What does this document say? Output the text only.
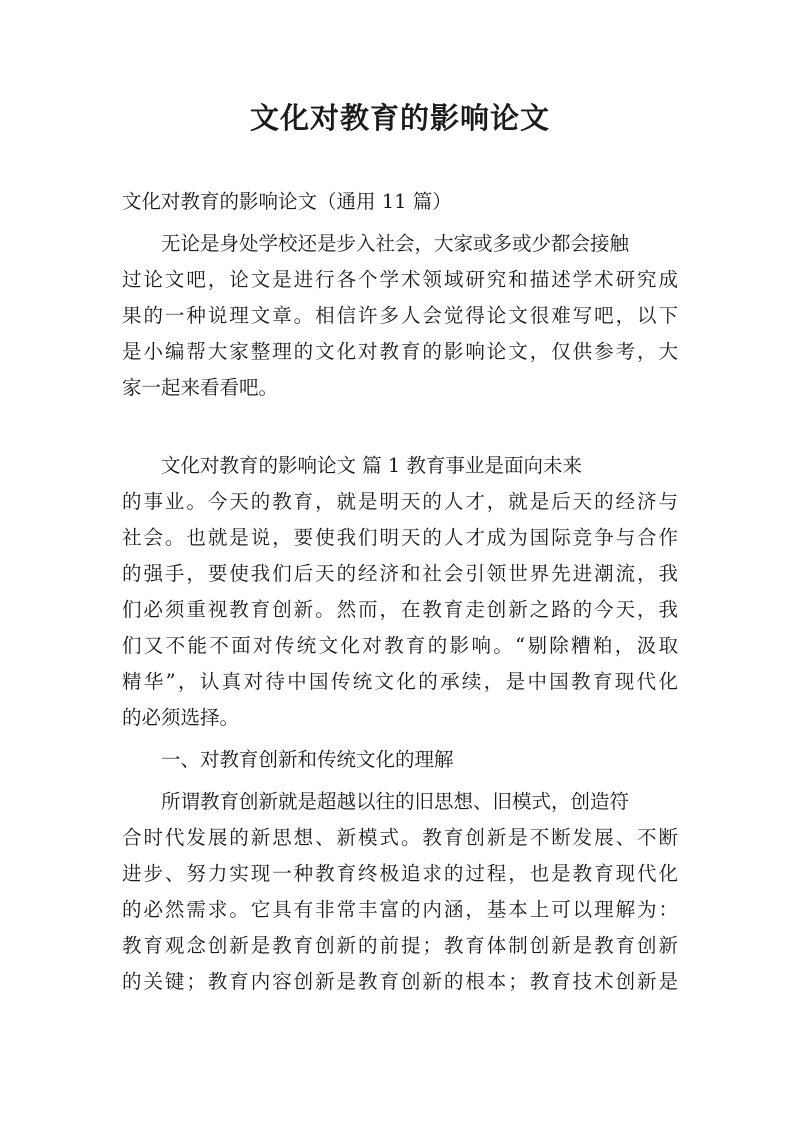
文化对教育的影响论文
文化对教育的影响论文（通用 11 篇）
无论是身处学校还是步入社会，大家或多或少都会接触
过论文吧，论文是进行各个学术领域研究和描述学术研究成
果的一种说理文章。相信许多人会觉得论文很难写吧，以下
是小编帮大家整理的文化对教育的影响论文，仅供参考，大
家一起来看看吧。
文化对教育的影响论文 篇 1 教育事业是面向未来
的事业。今天的教育，就是明天的人才，就是后天的经济与
社会。也就是说，要使我们明天的人才成为国际竞争与合作
的强手，要使我们后天的经济和社会引领世界先进潮流，我
们必须重视教育创新。然而，在教育走创新之路的今天，我
们又不能不面对传统文化对教育的影响。“剔除糟粕，汲取
精华”，认真对待中国传统文化的承续，是中国教育现代化
的必须选择。
一、对教育创新和传统文化的理解
所谓教育创新就是超越以往的旧思想、旧模式，创造符
合时代发展的新思想、新模式。教育创新是不断发展、不断
进步、努力实现一种教育终极追求的过程，也是教育现代化
的必然需求。它具有非常丰富的内涵，基本上可以理解为：
教育观念创新是教育创新的前提；教育体制创新是教育创新
的关键；教育内容创新是教育创新的根本；教育技术创新是
